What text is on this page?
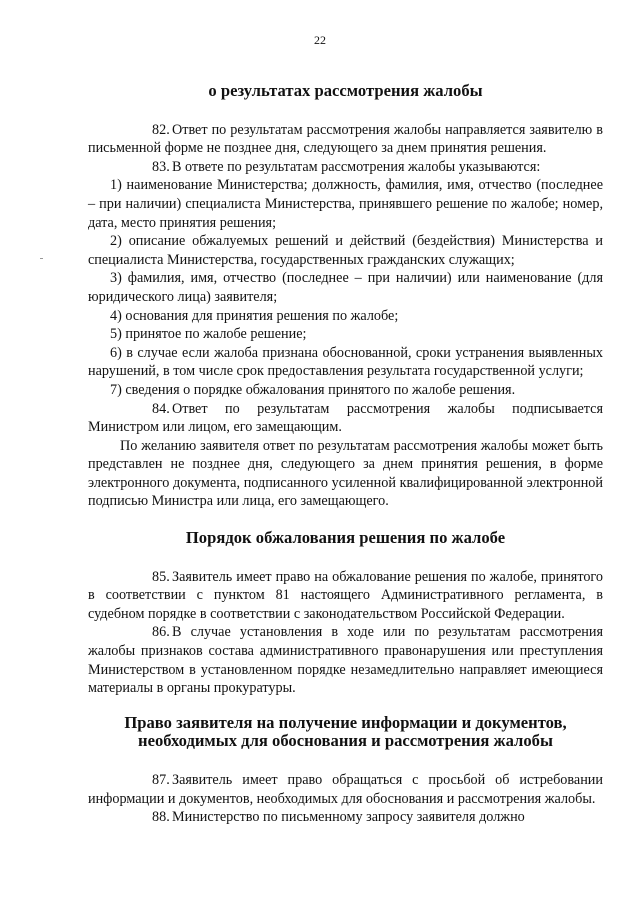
22
о результатах рассмотрения жалобы

82. Ответ по результатам рассмотрения жалобы направляется заявителю в письменной форме не позднее дня, следующего за днем принятия решения.

83. В ответе по результатам рассмотрения жалобы указываются:

1) наименование Министерства; должность, фамилия, имя, отчество (последнее – при наличии) специалиста Министерства, принявшего решение по жалобе; номер, дата, место принятия решения;

2) описание обжалуемых решений и действий (бездействия) Министерства и специалиста Министерства, государственных гражданских служащих;

3) фамилия, имя, отчество (последнее – при наличии) или наименование (для юридического лица) заявителя;

4) основания для принятия решения по жалобе;

5) принятое по жалобе решение;

6) в случае если жалоба признана обоснованной, сроки устранения выявленных нарушений, в том числе срок предоставления результата государственной услуги;

7) сведения о порядке обжалования принятого по жалобе решения.

84. Ответ по результатам рассмотрения жалобы подписывается Министром или лицом, его замещающим.

По желанию заявителя ответ по результатам рассмотрения жалобы может быть представлен не позднее дня, следующего за днем принятия решения, в форме электронного документа, подписанного усиленной квалифицированной электронной подписью Министра или лица, его замещающего.

Порядок обжалования решения по жалобе

85. Заявитель имеет право на обжалование решения по жалобе, принятого в соответствии с пунктом 81 настоящего Административного регламента, в судебном порядке в соответствии с законодательством Российской Федерации.

86. В случае установления в ходе или по результатам рассмотрения жалобы признаков состава административного правонарушения или преступления Министерством в установленном порядке незамедлительно направляет имеющиеся материалы в органы прокуратуры.

Право заявителя на получение информации и документов,
необходимых для обоснования и рассмотрения жалобы

87. Заявитель имеет право обращаться с просьбой об истребовании информации и документов, необходимых для обоснования и рассмотрения жалобы.

88. Министерство по письменному запросу заявителя должно
